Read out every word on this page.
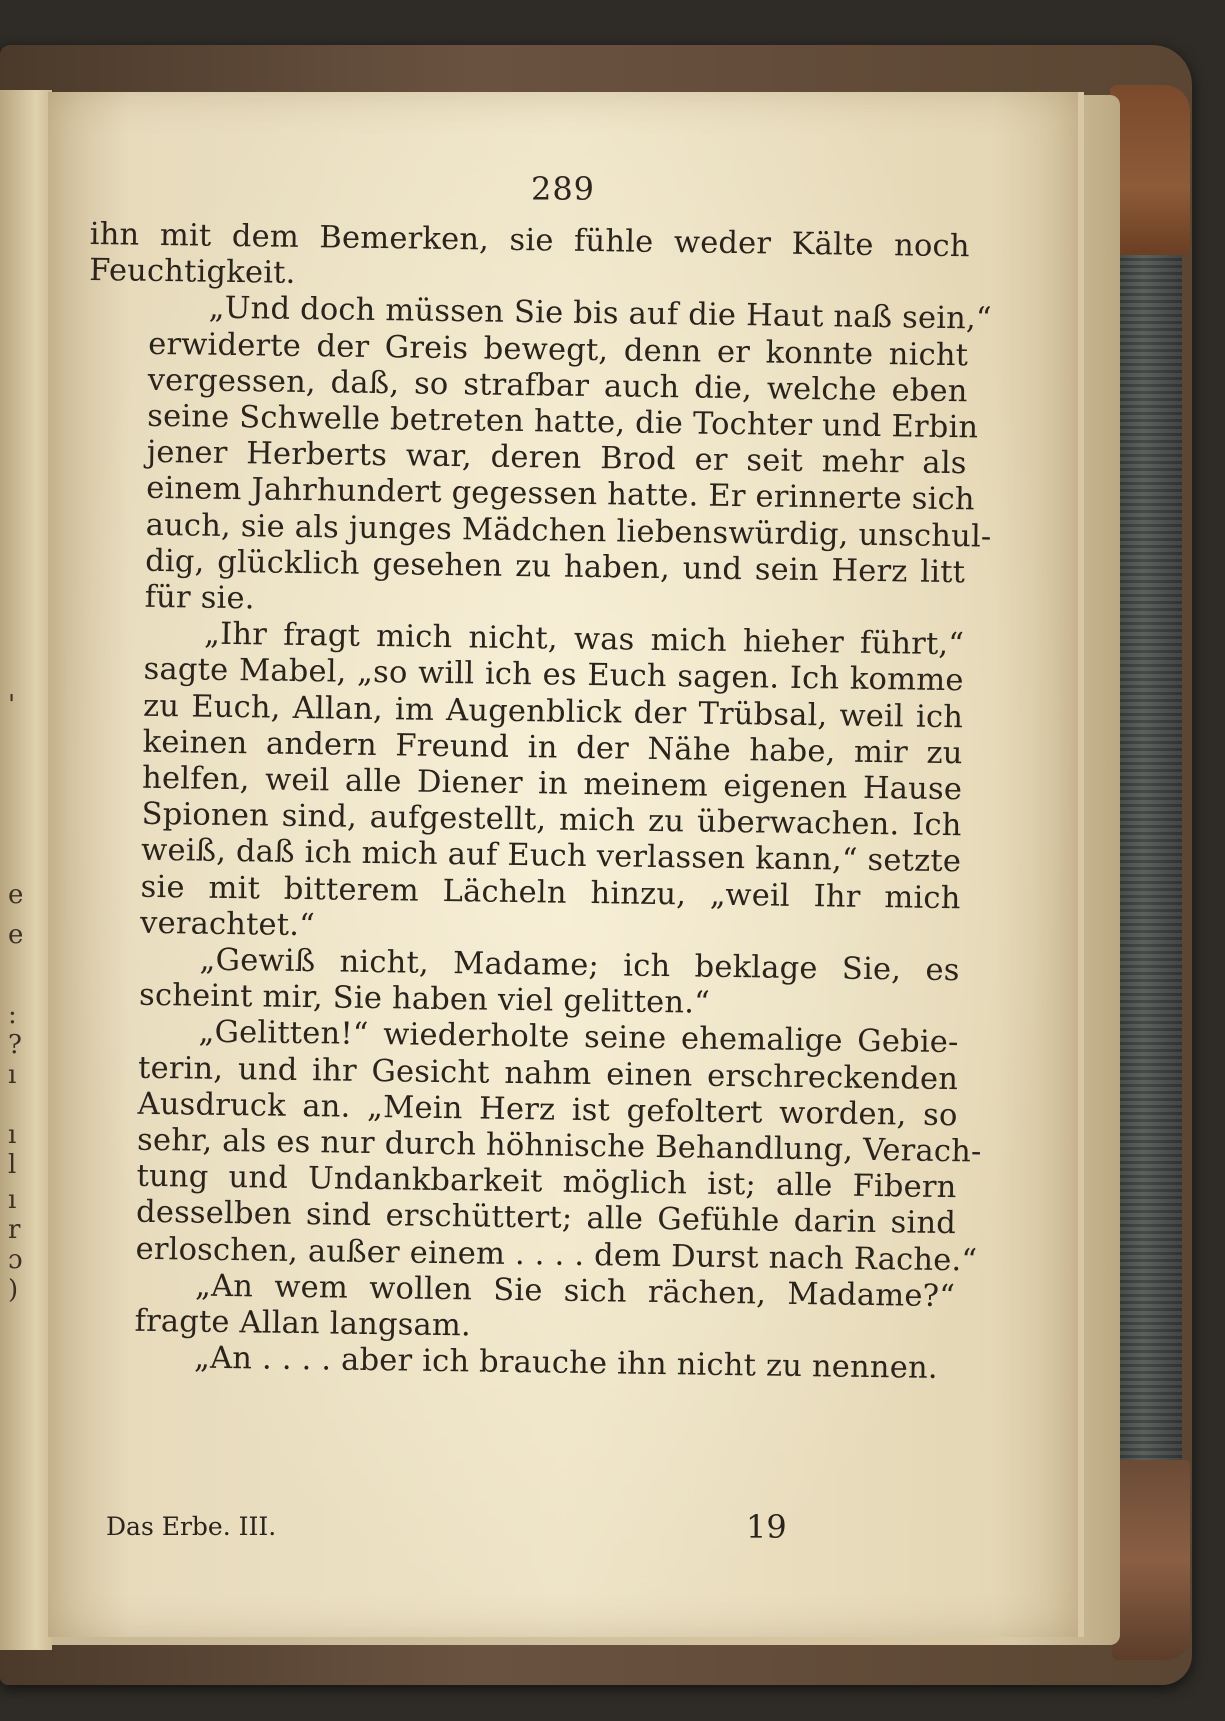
'
e
e
:
?
ı
ı
l
ı
r
ɔ
)
289

ihn mit dem Bemerken, sie fühle weder Kälte noch
Feuchtigkeit.

„Und doch müssen Sie bis auf die Haut naß sein,“
erwiderte der Greis bewegt, denn er konnte nicht
vergessen, daß, so strafbar auch die, welche eben
seine Schwelle betreten hatte, die Tochter und Erbin
jener Herberts war, deren Brod er seit mehr als
einem Jahrhundert gegessen hatte. Er erinnerte sich
auch, sie als junges Mädchen liebenswürdig, unschul-
dig, glücklich gesehen zu haben, und sein Herz litt
für sie.

„Ihr fragt mich nicht, was mich hieher führt,“
sagte Mabel, „so will ich es Euch sagen. Ich komme
zu Euch, Allan, im Augenblick der Trübsal, weil ich
keinen andern Freund in der Nähe habe, mir zu
helfen, weil alle Diener in meinem eigenen Hause
Spionen sind, aufgestellt, mich zu überwachen. Ich
weiß, daß ich mich auf Euch verlassen kann,“ setzte
sie mit bitterem Lächeln hinzu, „weil Ihr mich
verachtet.“

„Gewiß nicht, Madame; ich beklage Sie, es
scheint mir, Sie haben viel gelitten.“

„Gelitten!“ wiederholte seine ehemalige Gebie-
terin, und ihr Gesicht nahm einen erschreckenden
Ausdruck an. „Mein Herz ist gefoltert worden, so
sehr, als es nur durch höhnische Behandlung, Verach-
tung und Undankbarkeit möglich ist; alle Fibern
desselben sind erschüttert; alle Gefühle darin sind
erloschen, außer einem . . . . dem Durst nach Rache.“

„An wem wollen Sie sich rächen, Madame?“
fragte Allan langsam.

„An . . . . aber ich brauche ihn nicht zu nennen.

Das Erbe. III.	19
